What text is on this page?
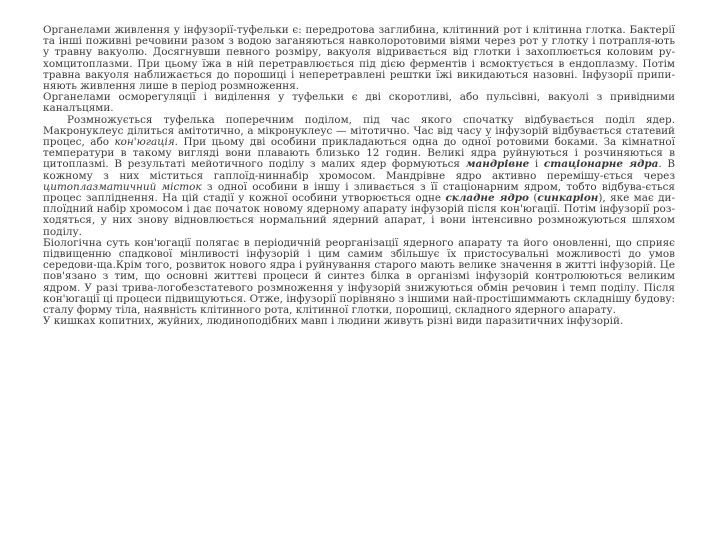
Органелами живлення у інфузорії-туфельки є: передротова заглибина, клітинний рот і клітинна глотка. Бактерії та інші поживні речовини разом з водою заганяються навколоротовими віями через рот у глотку і потрапля-ють у травну вакуолю. Досягнувши певного розміру, вакуоля відривається від глотки і захоплюється коловим ру-хомцитоплазми. При цьому їжа в ній перетравлюється під дією ферментів і всмоктується в ендоплазму. Потім травна вакуоля наближається до порошиці і неперетравлені рештки їжі викидаються назовні. Інфузорії припи-няють живлення лише в період розмноження.

Органелами осморегуляції і виділення у туфельки є дві скоротливі, або пульсівні, вакуолі з привідними каналъцями.

Розмножується туфелька поперечним поділом, під час якого спочатку відбувається поділ ядер. Макронуклеус ділиться амітотично, а мікронуклеус — мітотично. Час від часу у інфузорій відбувається статевий процес, або кон'югація. При цьому дві особини прикладаються одна до одної ротовими боками. За кімнатної температури в такому вигляді вони плавають близько 12 годин. Великі ядра руйнуються і розчиняються в цитоплазмі. В результаті мейотичного поділу з малих ядер формуються мандрівне і стаціонарне ядра. В кожному з них міститься гаплоїд-ниннабір хромосом. Мандрівне ядро активно перемішу-ється через цитоплазматичний місток з одної особини в іншу і зливається з її стаціонарним ядром, тобто відбува-ється процес запліднення. На цій стадії у кожної особини утворюється одне складне ядро (синкаріон), яке має ди-плоїдний набір хромосом і дає початок новому ядерному апарату інфузорій після кон'югації. Потім інфузорії роз-ходяться, у них знову відновлюється нормальний ядерний апарат, і вони інтенсивно розмножуються шляхом поділу.

Біологічна суть кон'югації полягає в періодичній реорганізації ядерного апарату та його оновленні, що сприяє підвищенню спадкової мінливості інфузорій і цим самим збільшує їх пристосувальні можливості до умов середови-ща.Крім того, розвиток нового ядра і руйнування старого мають велике значення в житті інфузорій. Це пов'язано з тим, що основні життєві процеси й синтез білка в організмі інфузорій контролюються великим ядром. У разі трива-логобезстатевого розмноження у інфузорій знижуються обмін речовин і темп поділу. Після кон'югації ці процеси підвищуються. Отже, інфузорії порівняно з іншими най-простішиммають складнішу будову: сталу форму тіла, наявність клітинного рота, клітинної глотки, порошиці, складного ядерного апарату.

У кишках копитних, жуйних, людиноподібних мавп і людини живуть різні види паразитичних інфузорій.
